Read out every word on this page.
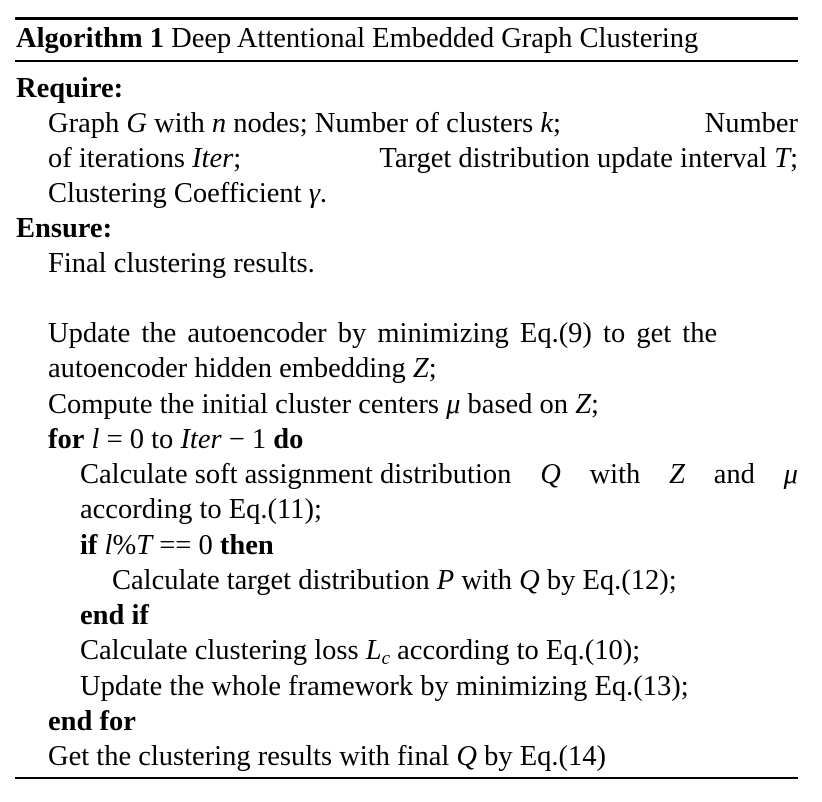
Algorithm 1 Deep Attentional Embedded Graph Clustering
Require:
Graph G with n nodes; Number of clusters k;	Number
of iterations Iter;	Target distribution update interval T;
Clustering Coefficient γ.
Ensure:
Final clustering results.
Update the autoencoder by minimizing Eq.(9) to get the
autoencoder hidden embedding Z;
Compute the initial cluster centers μ based on Z;
for l = 0 to Iter − 1 do
Calculate soft assignment distribution Q with Z and μ
according to Eq.(11);
if l%T == 0 then
Calculate target distribution P with Q by Eq.(12);
end if
Calculate clustering loss $L_c$ according to Eq.(10);
Update the whole framework by minimizing Eq.(13);
end for
Get the clustering results with final Q by Eq.(14)
